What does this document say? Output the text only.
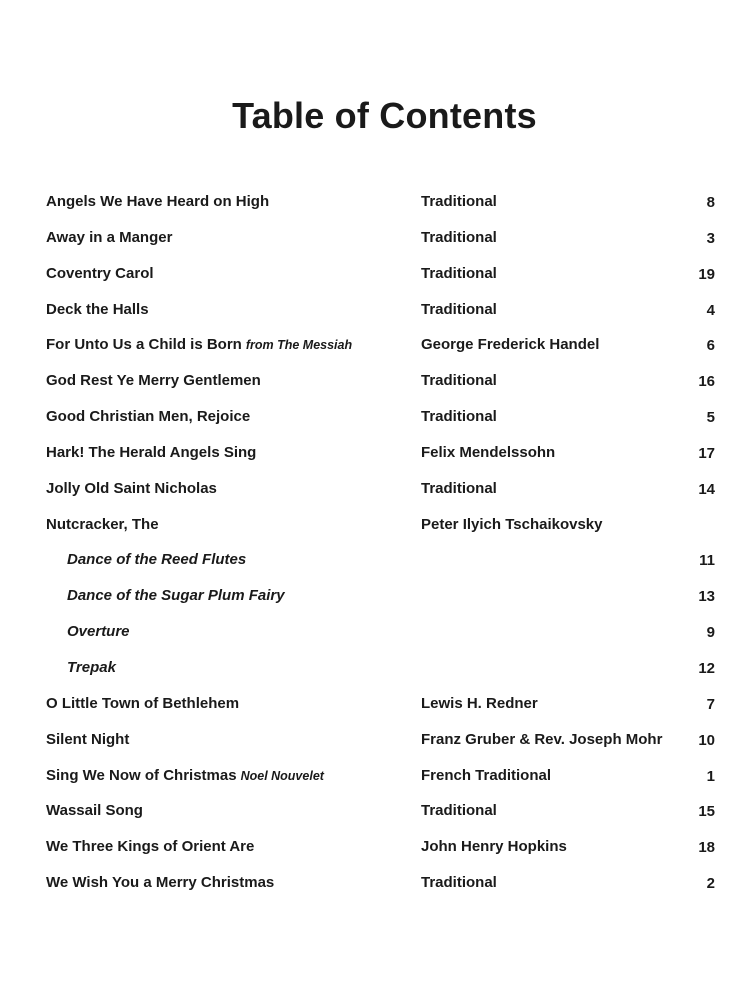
Table of Contents
Angels We Have Heard on High	Traditional	8
Away in a Manger	Traditional	3
Coventry Carol	Traditional	19
Deck the Halls	Traditional	4
For Unto Us a Child is Born from The Messiah	George Frederick Handel	6
God Rest Ye Merry Gentlemen	Traditional	16
Good Christian Men, Rejoice	Traditional	5
Hark! The Herald Angels Sing	Felix Mendelssohn	17
Jolly Old Saint Nicholas	Traditional	14
Nutcracker, The	Peter Ilyich Tschaikovsky
Dance of the Reed Flutes	11
Dance of the Sugar Plum Fairy	13
Overture	9
Trepak	12
O Little Town of Bethlehem	Lewis H. Redner	7
Silent Night	Franz Gruber & Rev. Joseph Mohr 10
Sing We Now of Christmas Noel Nouvelet	French Traditional	1
Wassail Song	Traditional	15
We Three Kings of Orient Are	John Henry Hopkins	18
We Wish You a Merry Christmas	Traditional	2
